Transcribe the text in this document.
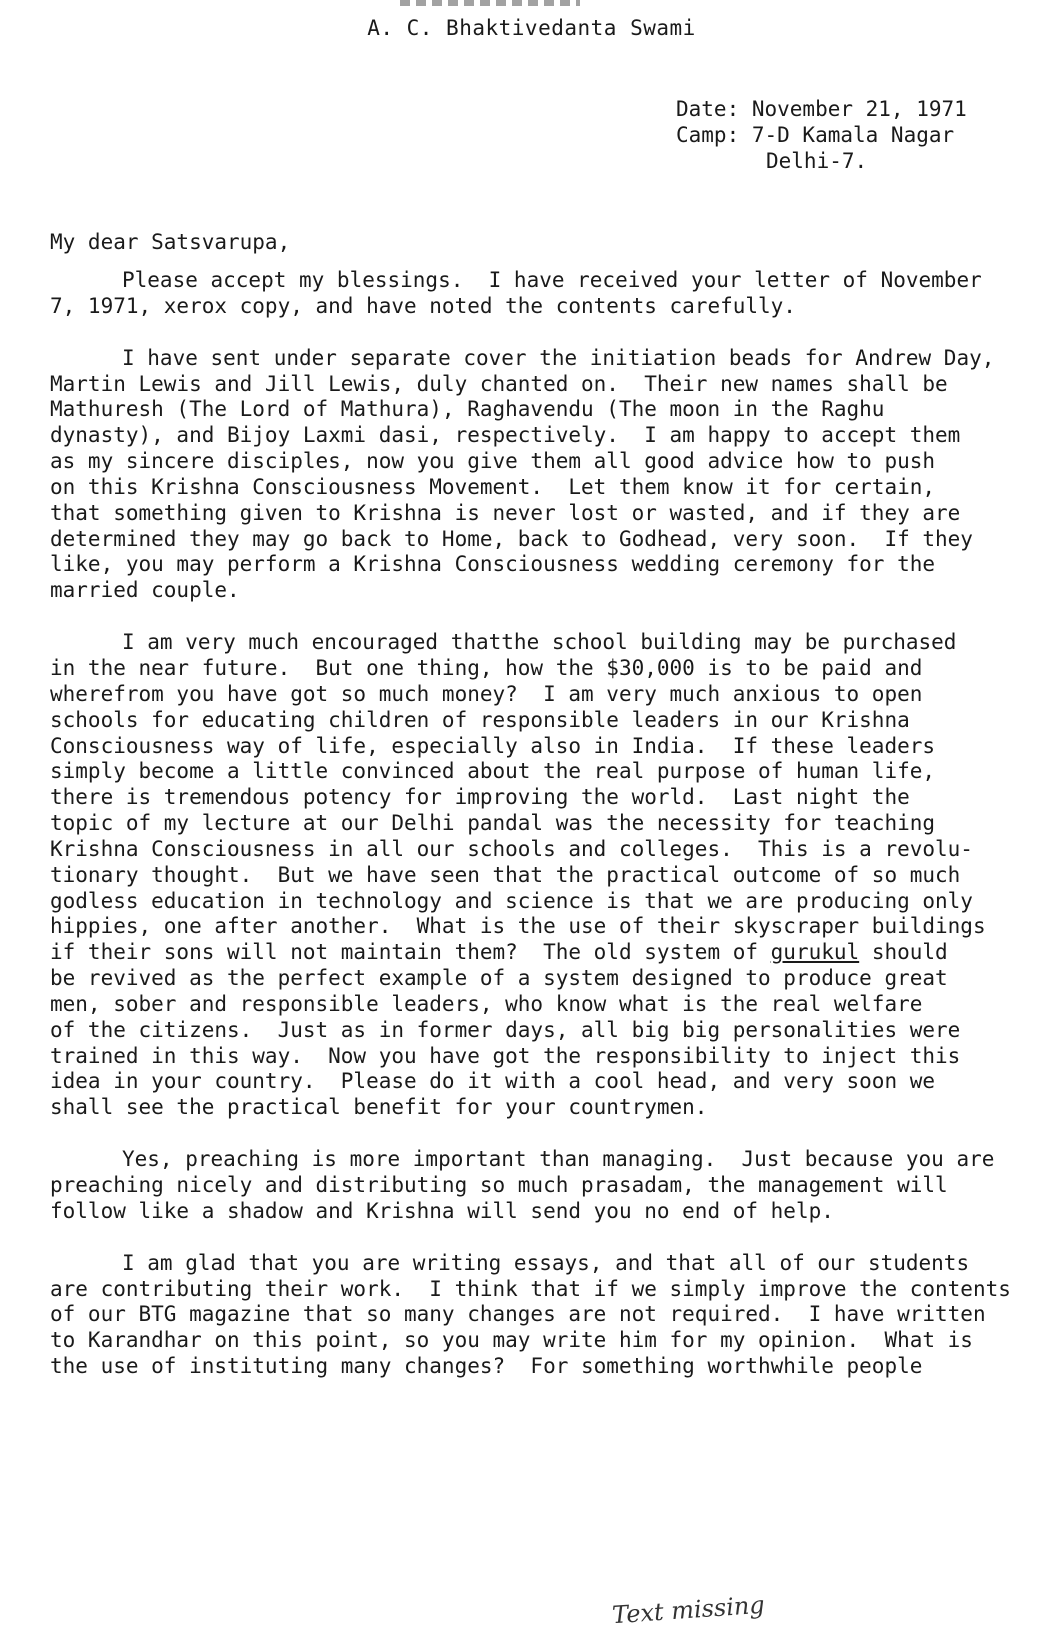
A. C. Bhaktivedanta Swami
Date: November 21, 1971
Camp: 7-D Kamala Nagar
Delhi-7.
My dear Satsvarupa,
Please accept my blessings.  I have received your letter of November
7, 1971, xerox copy, and have noted the contents carefully.
I have sent under separate cover the initiation beads for Andrew Day,
Martin Lewis and Jill Lewis, duly chanted on.  Their new names shall be
Mathuresh (The Lord of Mathura), Raghavendu (The moon in the Raghu
dynasty), and Bijoy Laxmi dasi, respectively.  I am happy to accept them
as my sincere disciples, now you give them all good advice how to push
on this Krishna Consciousness Movement.  Let them know it for certain,
that something given to Krishna is never lost or wasted, and if they are
determined they may go back to Home, back to Godhead, very soon.  If they
like, you may perform a Krishna Consciousness wedding ceremony for the
married couple.
I am very much encouraged thatthe school building may be purchased
in the near future.  But one thing, how the $30,000 is to be paid and
wherefrom you have got so much money?  I am very much anxious to open
schools for educating children of responsible leaders in our Krishna
Consciousness way of life, especially also in India.  If these leaders
simply become a little convinced about the real purpose of human life,
there is tremendous potency for improving the world.  Last night the
topic of my lecture at our Delhi pandal was the necessity for teaching
Krishna Consciousness in all our schools and colleges.  This is a revolu-
tionary thought.  But we have seen that the practical outcome of so much
godless education in technology and science is that we are producing only
hippies, one after another.  What is the use of their skyscraper buildings
if their sons will not maintain them?  The old system of gurukul should
be revived as the perfect example of a system designed to produce great
men, sober and responsible leaders, who know what is the real welfare
of the citizens.  Just as in former days, all big big personalities were
trained in this way.  Now you have got the responsibility to inject this
idea in your country.  Please do it with a cool head, and very soon we
shall see the practical benefit for your countrymen.
Yes, preaching is more important than managing.  Just because you are
preaching nicely and distributing so much prasadam, the management will
follow like a shadow and Krishna will send you no end of help.
I am glad that you are writing essays, and that all of our students
are contributing their work.  I think that if we simply improve the contents
of our BTG magazine that so many changes are not required.  I have written
to Karandhar on this point, so you may write him for my opinion.  What is
the use of instituting many changes?  For something worthwhile people
Text missing
